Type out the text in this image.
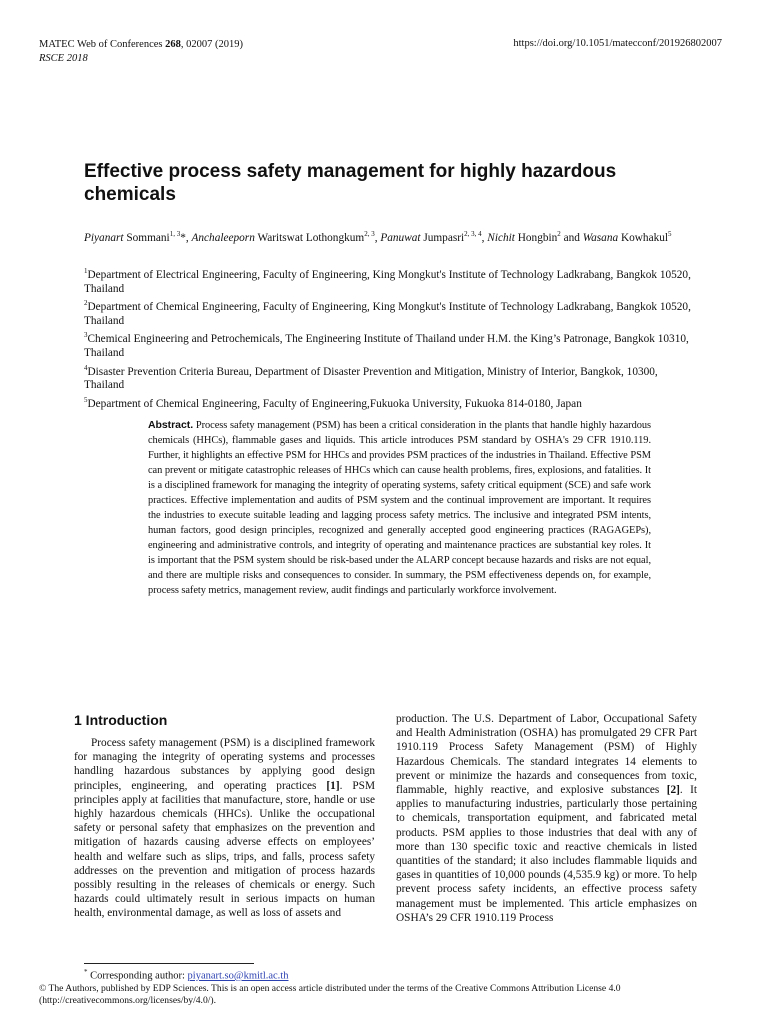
MATEC Web of Conferences 268, 02007 (2019)
RSCE 2018
https://doi.org/10.1051/matecconf/201926802007
Effective process safety management for highly hazardous chemicals
Piyanart Sommani$^{1, 3}$*, Anchaleeporn Waritswat Lothongkum$^{2, 3}$, Panuwat Jumpasri$^{2, 3, 4}$, Nichit Hongbin$^2$ and Wasana Kowhakul$^5$
$^1$Department of Electrical Engineering, Faculty of Engineering, King Mongkut's Institute of Technology Ladkrabang, Bangkok 10520, Thailand
$^2$Department of Chemical Engineering, Faculty of Engineering, King Mongkut's Institute of Technology Ladkrabang, Bangkok 10520, Thailand
$^3$Chemical Engineering and Petrochemicals, The Engineering Institute of Thailand under H.M. the King’s Patronage, Bangkok 10310, Thailand
$^4$Disaster Prevention Criteria Bureau, Department of Disaster Prevention and Mitigation, Ministry of Interior, Bangkok, 10300, Thailand
$^5$Department of Chemical Engineering, Faculty of Engineering,Fukuoka University, Fukuoka 814-0180, Japan
Abstract. Process safety management (PSM) has been a critical consideration in the plants that handle highly hazardous chemicals (HHCs), flammable gases and liquids. This article introduces PSM standard by OSHA's 29 CFR 1910.119. Further, it highlights an effective PSM for HHCs and provides PSM practices of the industries in Thailand. Effective PSM can prevent or mitigate catastrophic releases of HHCs which can cause health problems, fires, explosions, and fatalities. It is a disciplined framework for managing the integrity of operating systems, safety critical equipment (SCE) and safe work practices. Effective implementation and audits of PSM system and the continual improvement are important. It requires the industries to execute suitable leading and lagging process safety metrics. The inclusive and integrated PSM intents, human factors, good design principles, recognized and generally accepted good engineering practices (RAGAGEPs), engineering and administrative controls, and integrity of operating and maintenance practices are substantial key roles. It is important that the PSM system should be risk-based under the ALARP concept because hazards and risks are not equal, and there are multiple risks and consequences to consider. In summary, the PSM effectiveness depends on, for example, process safety metrics, management review, audit findings and particularly workforce involvement.
1 Introduction

Process safety management (PSM) is a disciplined framework for managing the integrity of operating systems and processes handling hazardous substances by applying good design principles, engineering, and operating practices [1]. PSM principles apply at facilities that manufacture, store, handle or use highly hazardous chemicals (HHCs). Unlike the occupational safety or personal safety that emphasizes on the prevention and mitigation of hazards causing adverse effects on employees’ health and welfare such as slips, trips, and falls, process safety addresses on the prevention and mitigation of process hazards possibly resulting in the releases of chemicals or energy. Such hazards could ultimately result in serious impacts on human health, environmental damage, as well as loss of assets and

production. The U.S. Department of Labor, Occupational Safety and Health Administration (OSHA) has promulgated 29 CFR Part 1910.119 Process Safety Management (PSM) of Highly Hazardous Chemicals. The standard integrates 14 elements to prevent or minimize the hazards and consequences from toxic, flammable, highly reactive, and explosive substances [2]. It applies to manufacturing industries, particularly those pertaining to chemicals, transportation equipment, and fabricated metal products. PSM applies to those industries that deal with any of more than 130 specific toxic and reactive chemicals in listed quantities of the standard; it also includes flammable liquids and gases in quantities of 10,000 pounds (4,535.9 kg) or more. To help prevent process safety incidents, an effective process safety management must be implemented. This article emphasizes on OSHA’s 29 CFR 1910.119 Process

* Corresponding author: piyanart.so@kmitl.ac.th
© The Authors, published by EDP Sciences. This is an open access article distributed under the terms of the Creative Commons Attribution License 4.0 (http://creativecommons.org/licenses/by/4.0/).
